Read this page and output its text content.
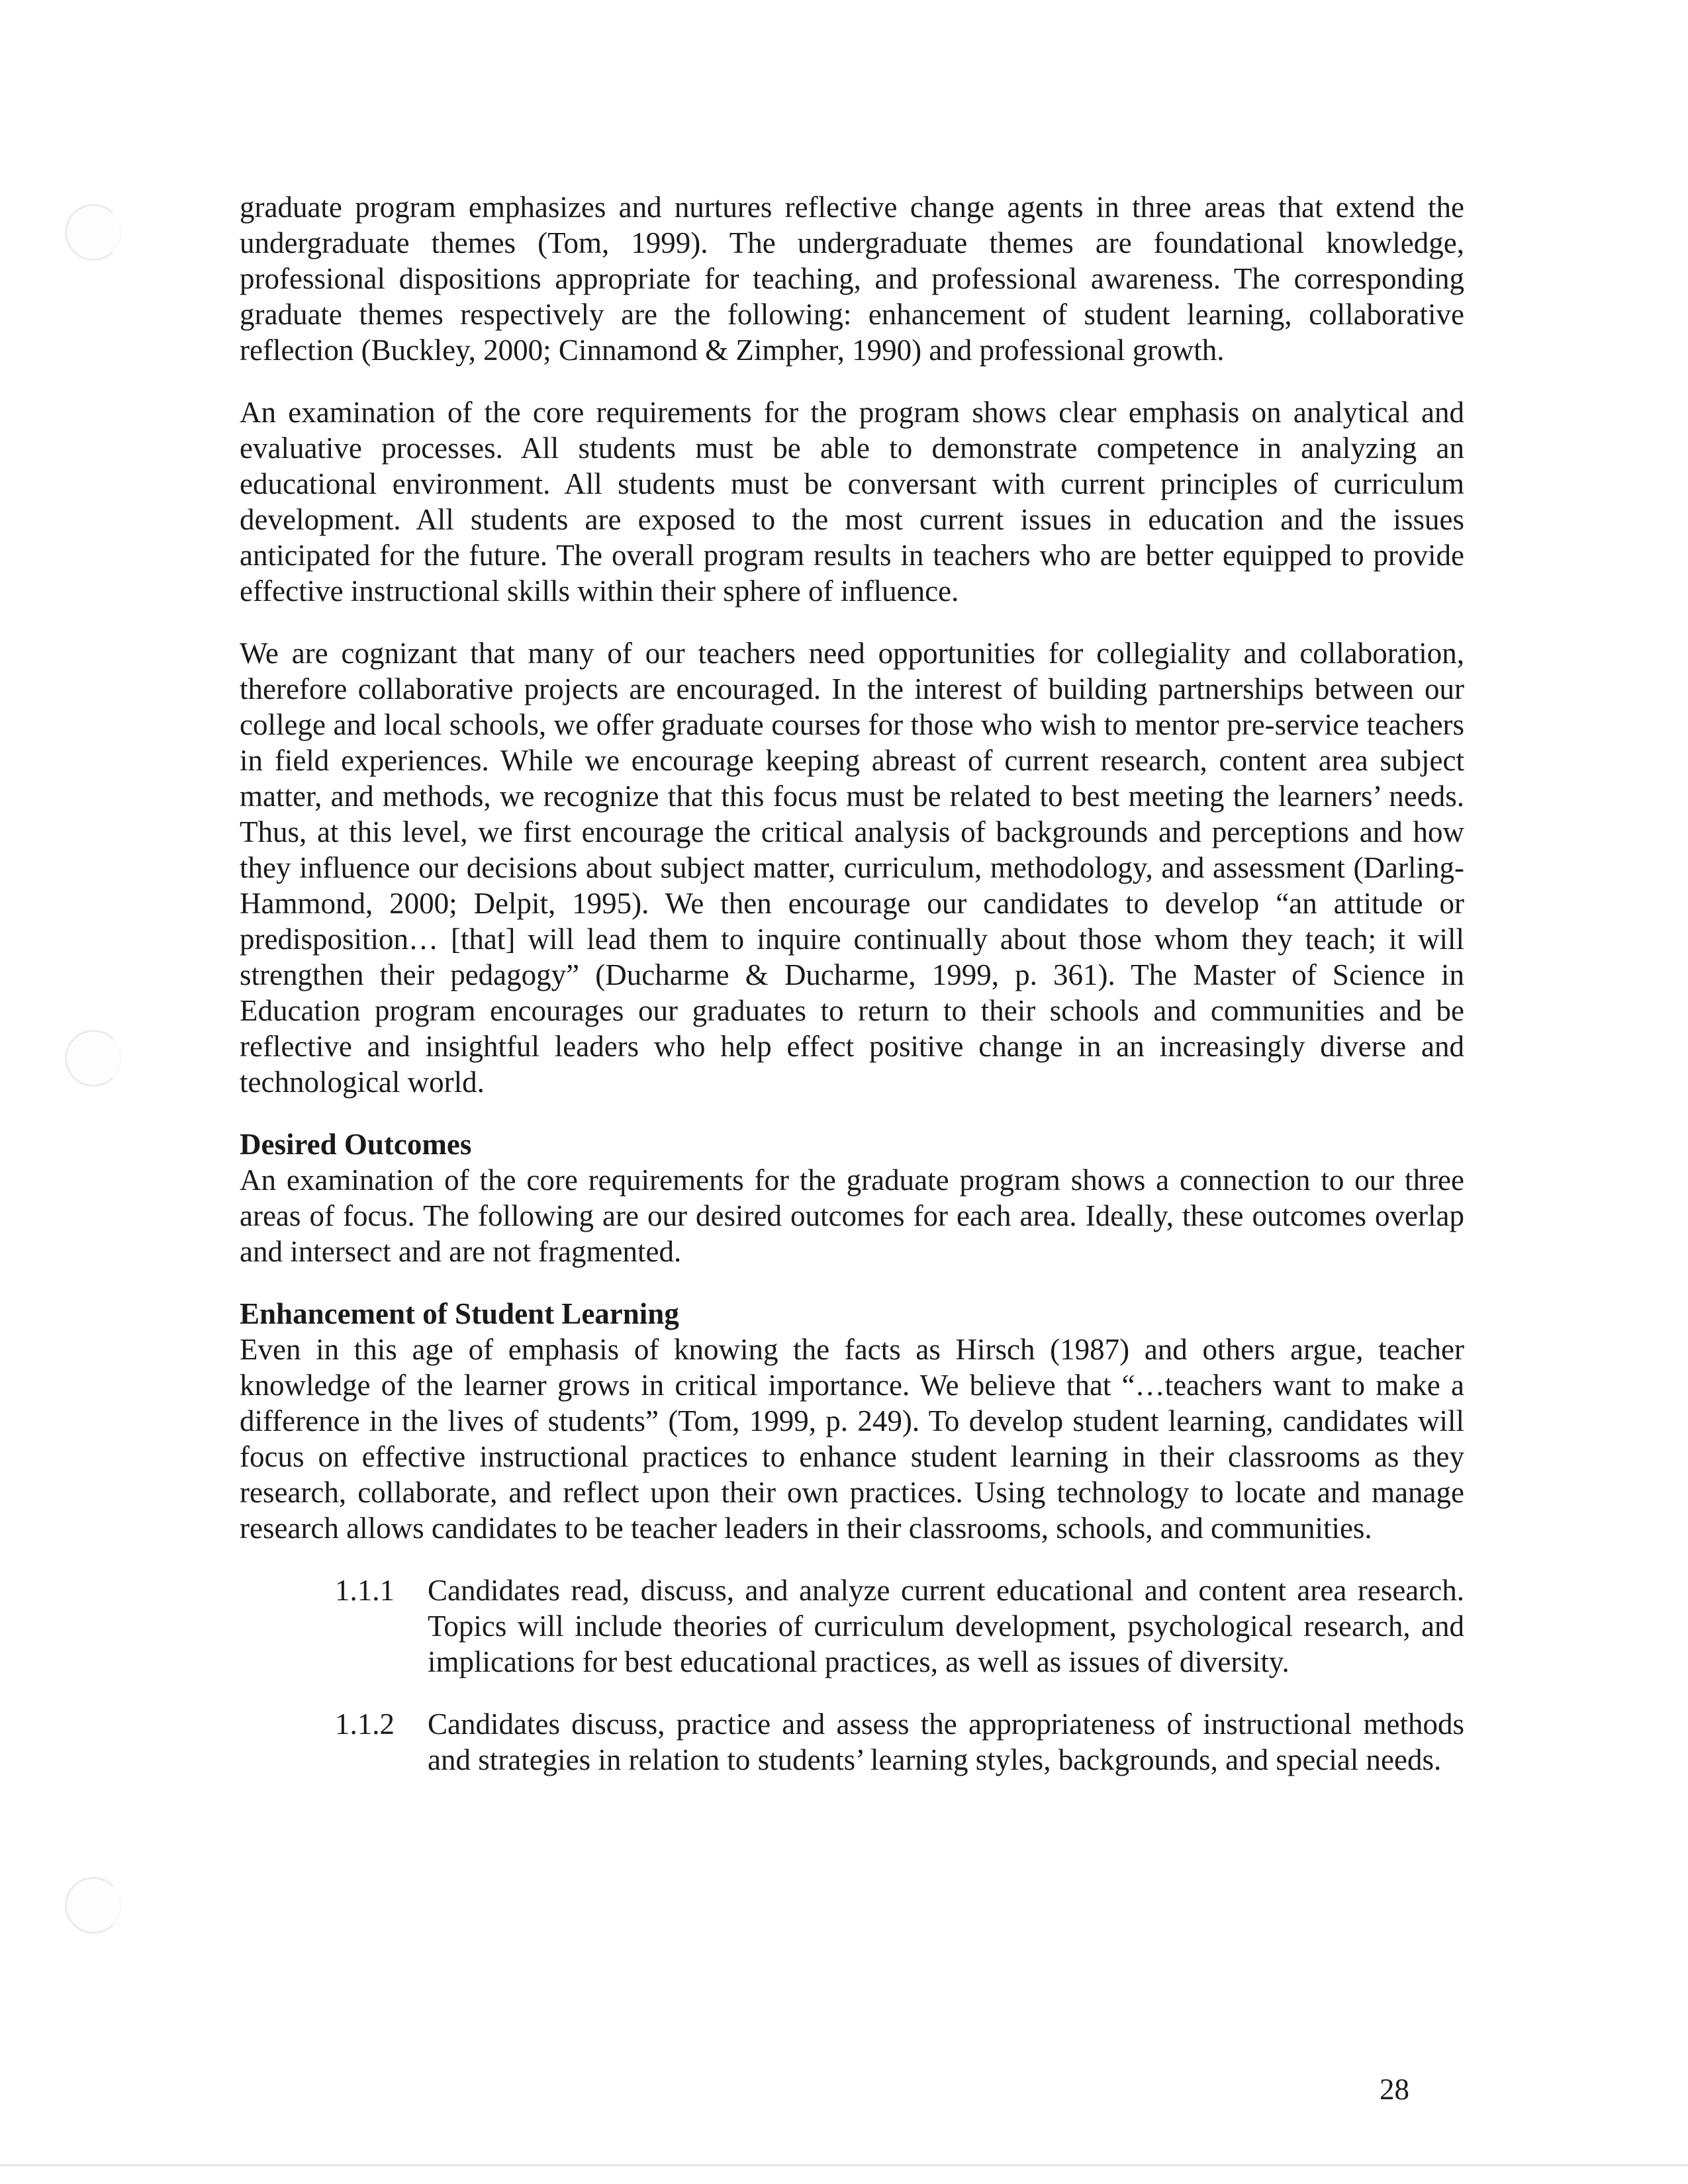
graduate program emphasizes and nurtures reflective change agents in three areas that extend the undergraduate themes (Tom, 1999). The undergraduate themes are foundational knowledge, professional dispositions appropriate for teaching, and professional awareness. The corresponding graduate themes respectively are the following: enhancement of student learning, collaborative reflection (Buckley, 2000; Cinnamond & Zimpher, 1990) and professional growth.

An examination of the core requirements for the program shows clear emphasis on analytical and evaluative processes. All students must be able to demonstrate competence in analyzing an educational environment. All students must be conversant with current principles of curriculum development. All students are exposed to the most current issues in education and the issues anticipated for the future. The overall program results in teachers who are better equipped to provide effective instructional skills within their sphere of influence.

We are cognizant that many of our teachers need opportunities for collegiality and collaboration, therefore collaborative projects are encouraged. In the interest of building partnerships between our college and local schools, we offer graduate courses for those who wish to mentor pre-service teachers in field experiences. While we encourage keeping abreast of current research, content area subject matter, and methods, we recognize that this focus must be related to best meeting the learners’ needs. Thus, at this level, we first encourage the critical analysis of backgrounds and perceptions and how they influence our decisions about subject matter, curriculum, methodology, and assessment (Darling-Hammond, 2000; Delpit, 1995). We then encourage our candidates to develop “an attitude or predisposition… [that] will lead them to inquire continually about those whom they teach; it will strengthen their pedagogy” (Ducharme & Ducharme, 1999, p. 361). The Master of Science in Education program encourages our graduates to return to their schools and communities and be reflective and insightful leaders who help effect positive change in an increasingly diverse and technological world.

Desired Outcomes

An examination of the core requirements for the graduate program shows a connection to our three areas of focus. The following are our desired outcomes for each area. Ideally, these outcomes overlap and intersect and are not fragmented.

Enhancement of Student Learning

Even in this age of emphasis of knowing the facts as Hirsch (1987) and others argue, teacher knowledge of the learner grows in critical importance. We believe that “…teachers want to make a difference in the lives of students” (Tom, 1999, p. 249). To develop student learning, candidates will focus on effective instructional practices to enhance student learning in their classrooms as they research, collaborate, and reflect upon their own practices. Using technology to locate and manage research allows candidates to be teacher leaders in their classrooms, schools, and communities.

1.1.1 Candidates read, discuss, and analyze current educational and content area research. Topics will include theories of curriculum development, psychological research, and implications for best educational practices, as well as issues of diversity.

1.1.2 Candidates discuss, practice and assess the appropriateness of instructional methods and strategies in relation to students’ learning styles, backgrounds, and special needs.

28
